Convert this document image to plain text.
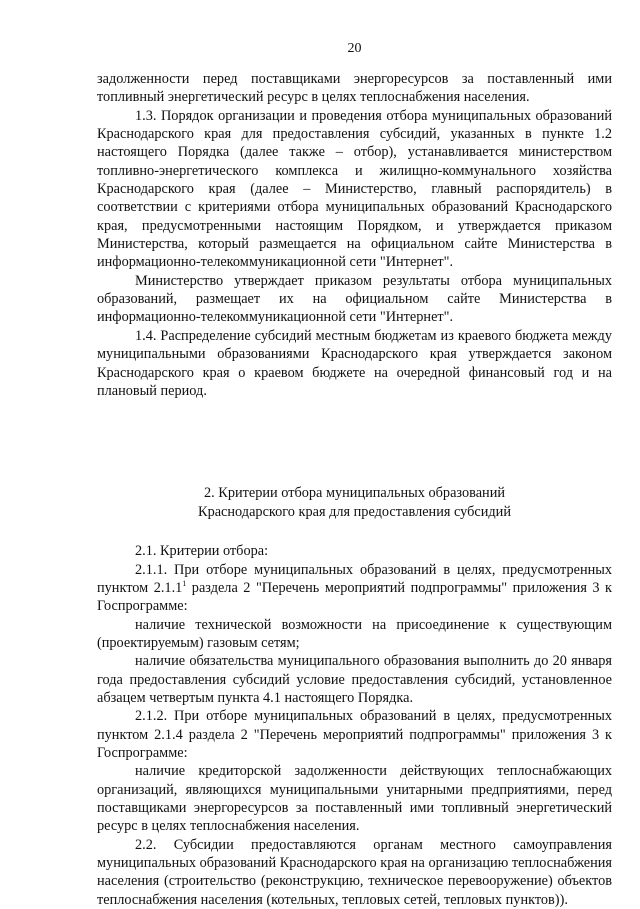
20

задолженности перед поставщиками энергоресурсов за поставленный ими топливный энергетический ресурс в целях теплоснабжения населения.

1.3. Порядок организации и проведения отбора муниципальных образований Краснодарского края для предоставления субсидий, указанных в пункте 1.2 настоящего Порядка (далее также – отбор), устанавливается министерством топливно-энергетического комплекса и жилищно-коммунального хозяйства Краснодарского края (далее – Министерство, главный распорядитель) в соответствии с критериями отбора муниципальных образований Краснодарского края, предусмотренными настоящим Порядком, и утверждается приказом Министерства, который размещается на официальном сайте Министерства в информационно-телекоммуникационной сети "Интернет".

Министерство утверждает приказом результаты отбора муниципальных образований, размещает их на официальном сайте Министерства в информационно-телекоммуникационной сети "Интернет".

1.4. Распределение субсидий местным бюджетам из краевого бюджета между муниципальными образованиями Краснодарского края утверждается законом Краснодарского края о краевом бюджете на очередной финансовый год и на плановый период.

2. Критерии отбора муниципальных образований
Краснодарского края для предоставления субсидий

2.1. Критерии отбора:

2.1.1. При отборе муниципальных образований в целях, предусмотренных пунктом 2.1.1$^1$ раздела 2 "Перечень мероприятий подпрограммы" приложения 3 к Госпрограмме:

наличие технической возможности на присоединение к существующим (проектируемым) газовым сетям;

наличие обязательства муниципального образования выполнить до 20 января года предоставления субсидий условие предоставления субсидий, установленное абзацем четвертым пункта 4.1 настоящего Порядка.

2.1.2. При отборе муниципальных образований в целях, предусмотренных пунктом 2.1.4 раздела 2 "Перечень мероприятий подпрограммы" приложения 3 к Госпрограмме:

наличие кредиторской задолженности действующих теплоснабжающих организаций, являющихся муниципальными унитарными предприятиями, перед поставщиками энергоресурсов за поставленный ими топливный энергетический ресурс в целях теплоснабжения населения.

2.2. Субсидии предоставляются органам местного самоуправления муниципальных образований Краснодарского края на организацию теплоснабжения населения (строительство (реконструкцию, техническое перевооружение) объектов теплоснабжения населения (котельных, тепловых сетей, тепловых пунктов)).
